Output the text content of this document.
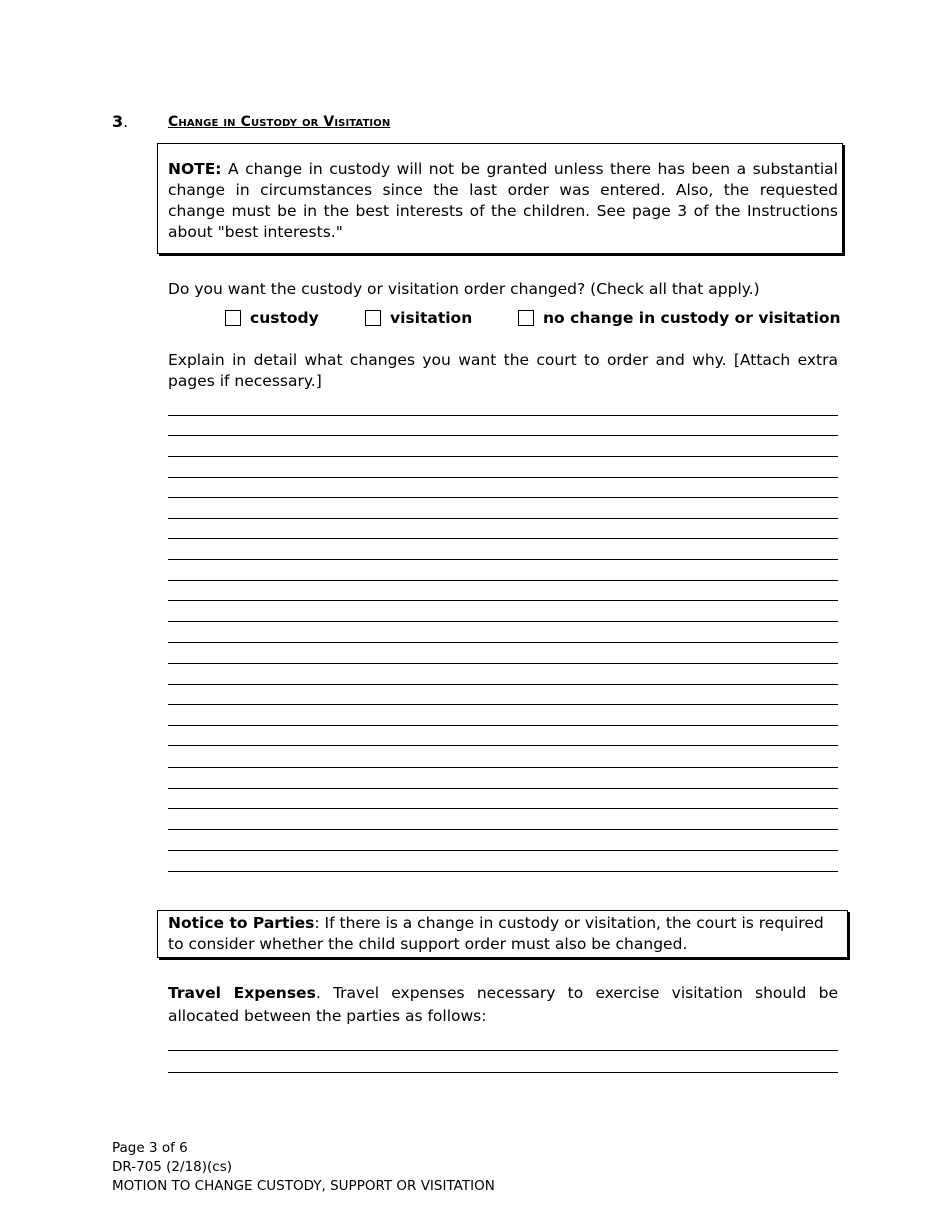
3.	Change in Custody or Visitation
NOTE: A change in custody will not be granted unless there has been a substantial change in circumstances since the last order was entered. Also, the requested change must be in the best interests of the children. See page 3 of the Instructions about "best interests."
Do you want the custody or visitation order changed? (Check all that apply.)
custody	visitation	no change in custody or visitation
Explain in detail what changes you want the court to order and why. [Attach extra pages if necessary.]
Notice to Parties: If there is a change in custody or visitation, the court is required to consider whether the child support order must also be changed.
Travel Expenses. Travel expenses necessary to exercise visitation should be allocated between the parties as follows:
Page 3 of 6
DR-705 (2/18)(cs)
MOTION TO CHANGE CUSTODY, SUPPORT OR VISITATION
